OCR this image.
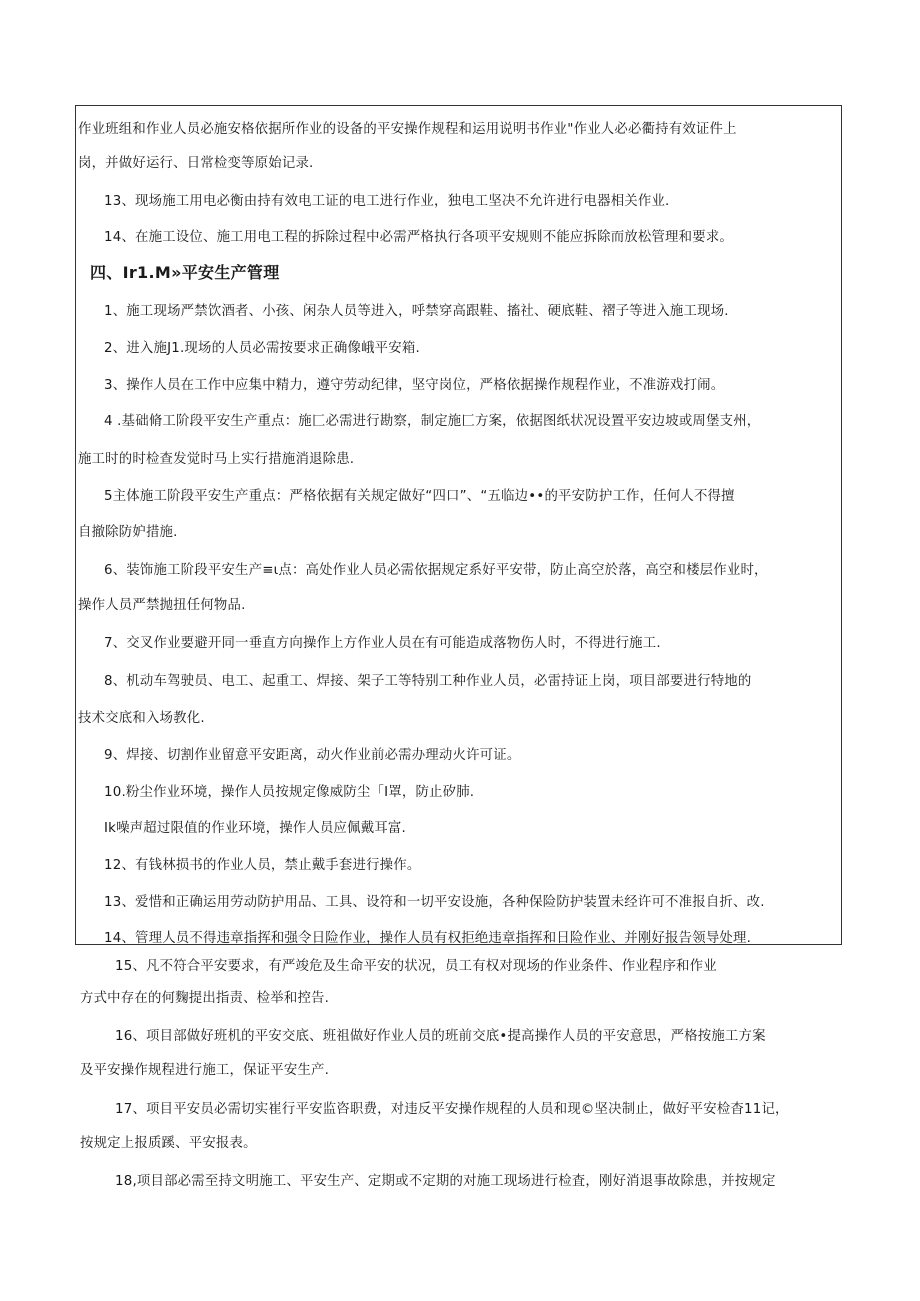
作业班组和作业人员必施安格依据所作业的设备的平安操作规程和运用说明书作业"作业人必必衢持有效证件上
岗，并做好运行、日常检变等原始记录.
13、现场施工用电必衡由持有效电工证的电工进行作业，独电工坚决不允许进行电器相关作业.
14、在施工设位、施工用电工程的拆除过程中必需严格执行各项平安规则不能应拆除而放松管理和要求。
四、Ir1.M»平安生产管理
1、施工现场严禁饮酒者、小孩、闲杂人员等进入，呼禁穿高跟鞋、搐社、硬底鞋、褶子等进入施工现场.
2、进入施J1.现场的人员必需按要求正确像峨平安箱.
3、操作人员在工作中应集中精力，遵守劳动纪律，坚守岗位，严格依据操作规程作业，不准游戏打闹。
4 .基础脩工阶段平安生产重点：施匚必需进行勘察，制定施匚方案，依据图纸状况设置平安边坡或周堡支州，
施工时的时检查发觉时马上实行措施消退除患.
5主体施工阶段平安生产重点：严格依据有关规定做好“四口”、“五临边••的平安防护工作，任何人不得擅
自撤除防妒措施.
6、装饰施工阶段平安生产≡ι点：高处作业人员必需依据规定系好平安带，防止高空於落，高空和楼层作业时，
操作人员严禁抛扭任何物品.
7、交叉作业要避开同一垂直方向操作上方作业人员在有可能造成落物伤人时，不得进行施工.
8、机动车驾驶员、电工、起重工、焊接、架子工等特别工种作业人员，必雷持证上岗，项目部要进行特地的
技术交底和入场教化.
9、焊接、切割作业留意平安距离，动火作业前必需办理动火许可证。
10.粉尘作业环境，操作人员按规定像威防尘「I罩，防止矽肺.
Ik噪声超过限值的作业环境，操作人员应佩戴耳富.
12、有钱林损书的作业人员，禁止戴手套进行操作。
13、爱惜和正确运用劳动防护用品、工具、设符和一切平安设施，各种保险防护装置未经许可不准报自折、改.
14、管理人员不得违章指挥和强令日险作业，操作人员有权拒绝违章指挥和日险作业、并刚好报告领导处理.
15、凡不符合平安要求，有严竣危及生命平安的状况，员工有权对现场的作业条件、作业程序和作业
方式中存在的何麴提出指责、检举和控告.
16、项目部做好班机的平安交底、班祖做好作业人员的班前交底•提高操作人员的平安意思，严格按施工方案
及平安操作规程进行施工，保证平安生产.
17、项目平安员必需切实崔行平安监咨职费，对违反平安操作规程的人员和现©坚决制止，做好平安检杳11记，
按规定上报质蹊、平安报表。
18,项目部必需至持文明施工、平安生产、定期或不定期的对施工现场进行检査，刚好消退事故除患，并按规定
